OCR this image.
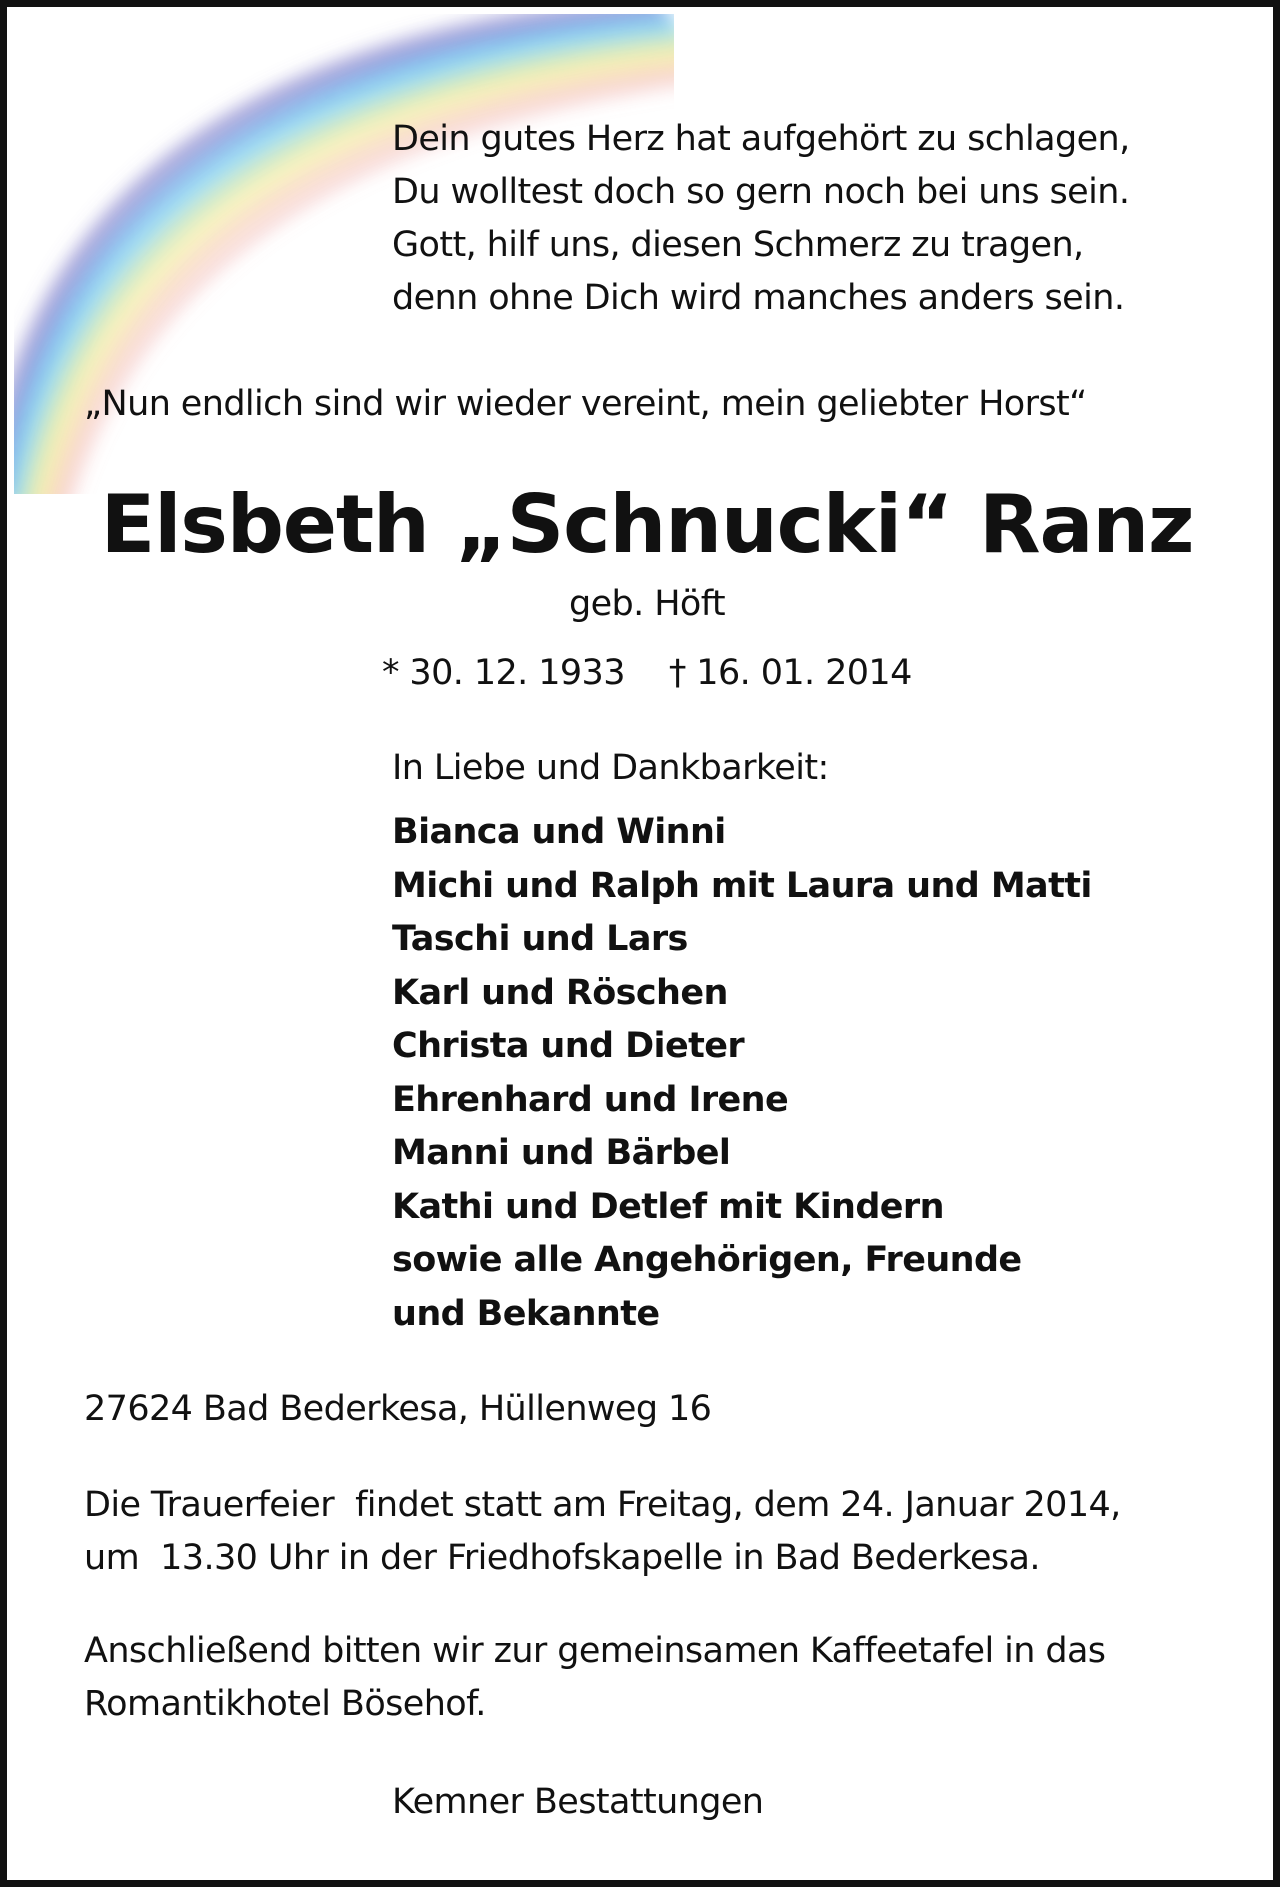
Dein gutes Herz hat aufgehört zu schlagen,
Du wolltest doch so gern noch bei uns sein.
Gott, hilf uns, diesen Schmerz zu tragen,
denn ohne Dich wird manches anders sein.
„Nun endlich sind wir wieder vereint, mein geliebter Horst“
Elsbeth „Schnucki“ Ranz
geb. Höft
* 30. 12. 1933 † 16. 01. 2014
In Liebe und Dankbarkeit:
Bianca und Winni
Michi und Ralph mit Laura und Matti
Taschi und Lars
Karl und Röschen
Christa und Dieter
Ehrenhard und Irene
Manni und Bärbel
Kathi und Detlef mit Kindern
sowie alle Angehörigen, Freunde
und Bekannte
27624 Bad Bederkesa, Hüllenweg 16
Die Trauerfeier  findet statt am Freitag, dem 24. Januar 2014,
um  13.30 Uhr in der Friedhofskapelle in Bad Bederkesa.
Anschließend bitten wir zur gemeinsamen Kaffeetafel in das
Romantikhotel Bösehof.
Kemner Bestattungen
